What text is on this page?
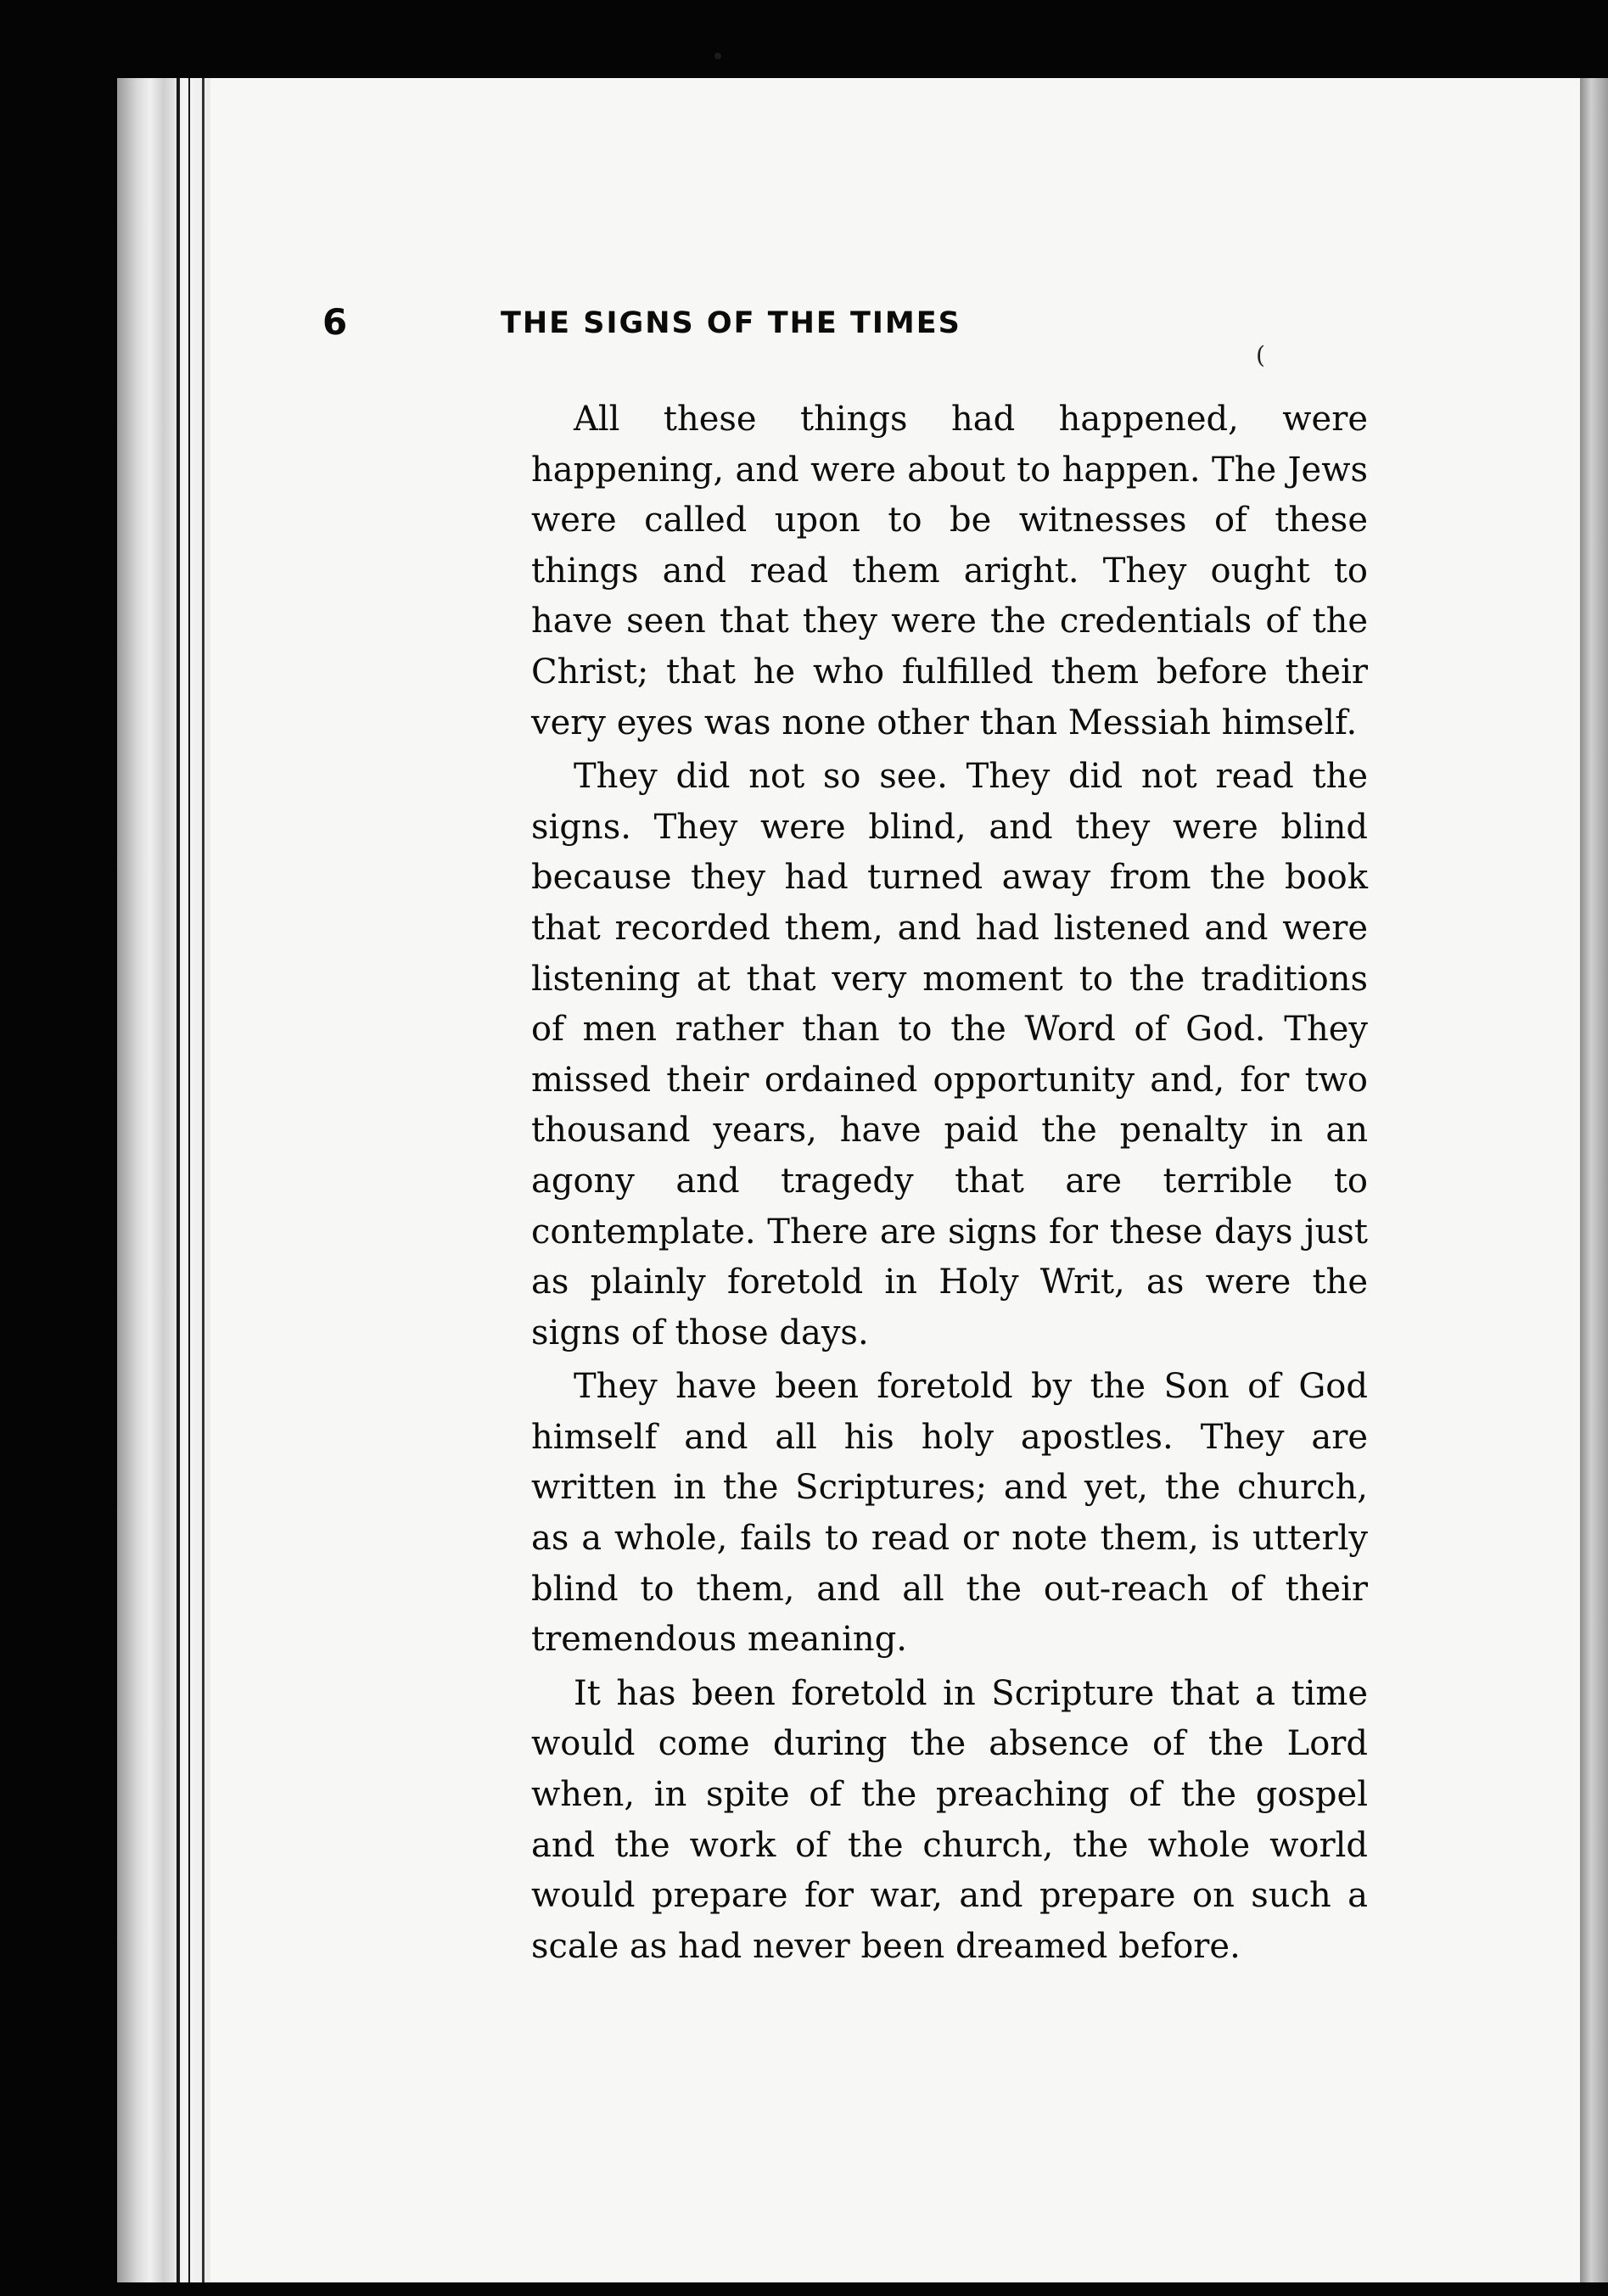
6	THE SIGNS OF THE TIMES
(

All these things had happened, were happening, and were about to happen. The Jews were called upon to be witnesses of these things and read them aright. They ought to have seen that they were the credentials of the Christ; that he who fulfilled them before their very eyes was none other than Messiah himself.

They did not so see. They did not read the signs. They were blind, and they were blind because they had turned away from the book that recorded them, and had listened and were listening at that very moment to the traditions of men rather than to the Word of God. They missed their ordained opportunity and, for two thousand years, have paid the penalty in an agony and tragedy that are terrible to contemplate. There are signs for these days just as plainly foretold in Holy Writ, as were the signs of those days.

They have been foretold by the Son of God himself and all his holy apostles. They are written in the Scriptures; and yet, the church, as a whole, fails to read or note them, is utterly blind to them, and all the out-reach of their tremendous meaning.

It has been foretold in Scripture that a time would come during the absence of the Lord when, in spite of the preaching of the gospel and the work of the church, the whole world would prepare for war, and prepare on such a scale as had never been dreamed before.
